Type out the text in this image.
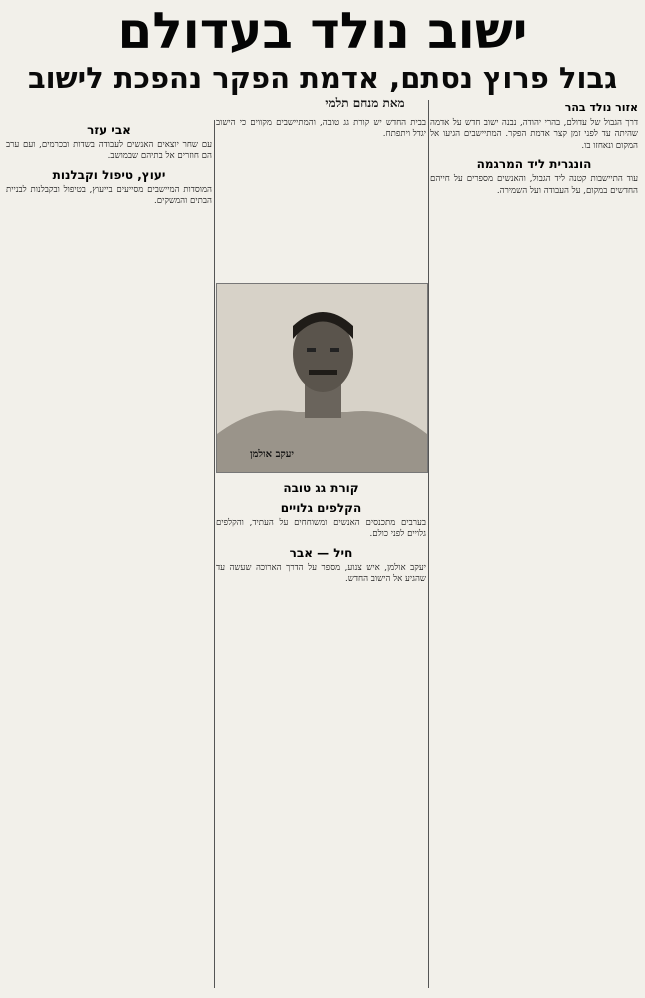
ישוב נולד בעדולם
גבול פרוץ נסתם, אדמת הפקר נהפכת לישוב
מאת מנחם תלמי	אזור נולד בהר

דרך הגבול של עדולם, בהרי יהודה, נבנה ישוב חדש על אדמה שהיתה עד לפני זמן קצר אדמת הפקר. המתיישבים הגיעו אל המקום ונאחזו בו.

הונגרית ליד המרגמה

עוד התיישבות קטנה ליד הגבול, והאנשים מספרים על חייהם החדשים במקום, על העבודה ועל השמירה.

בבית החדש יש קורת גג טובה, והמתיישבים מקווים כי הישוב יגדל ויתפתח.

יעקב אולמן
אבי עזר

עם שחר יוצאים האנשים לעבודה בשדות ובכרמים, ועם ערב הם חוזרים אל בתיהם שבמושב.

יעוץ, טיפול וקבלנות

המוסדות המיישבים מסייעים בייעוץ, בטיפול ובקבלנות לבניית הבתים והמשקים.

קורת גג טובה
הקלפים גלויים

בערבים מתכנסים האנשים ומשוחחים על העתיד, והקלפים גלויים לפני כולם.

חיל — אבר

יעקב אולמן, איש צנוע, מספר על הדרך הארוכה שעשה עד שהגיע אל הישוב החדש.
